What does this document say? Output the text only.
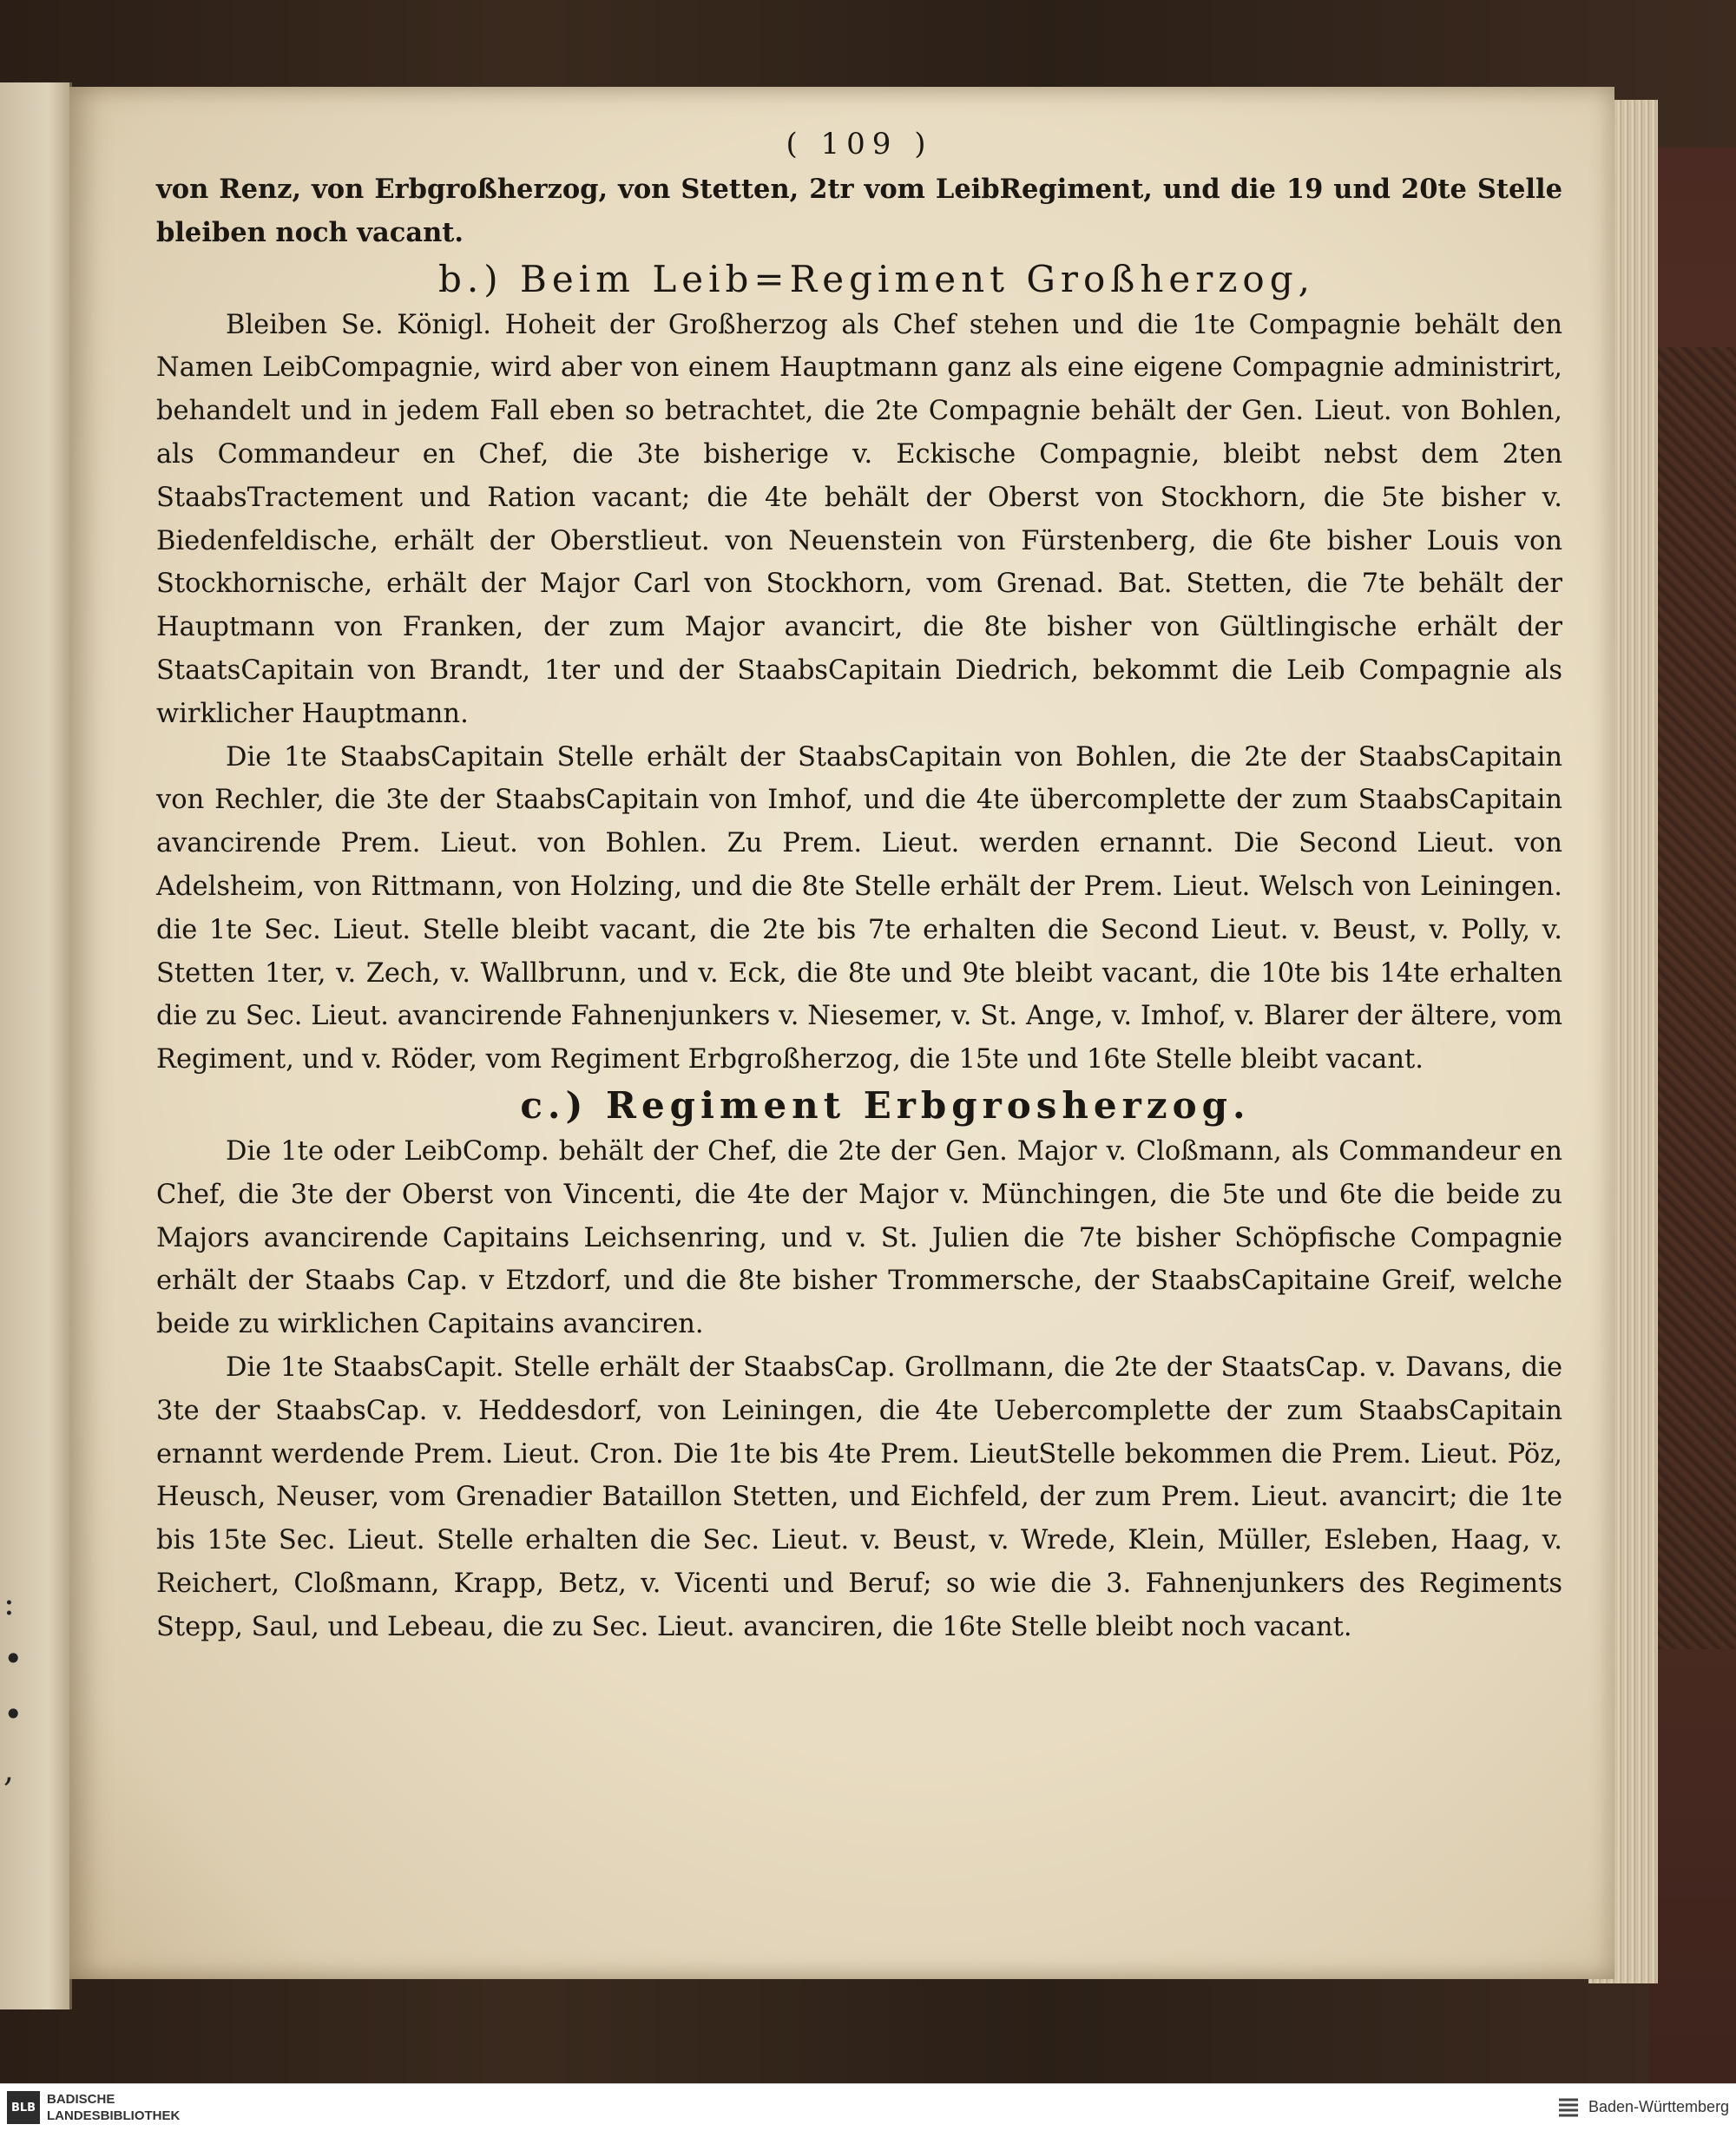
:
•
•
,

( 109 )

von Renz, von Erbgroßherzog, von Stetten, 2tr vom LeibRegiment, und die 19 und 20te Stelle bleiben noch vacant.

b.) Beim Leib=Regiment Großherzog,

Bleiben Se. Königl. Hoheit der Großherzog als Chef stehen und die 1te Compagnie behält den Namen LeibCompagnie, wird aber von einem Hauptmann ganz als eine eigene Compagnie administrirt, behandelt und in jedem Fall eben so betrachtet, die 2te Compagnie behält der Gen. Lieut. von Bohlen, als Commandeur en Chef, die 3te bisherige v. Eckische Compagnie, bleibt nebst dem 2ten StaabsTractement und Ration vacant; die 4te behält der Oberst von Stockhorn, die 5te bisher v. Biedenfeldische, erhält der Oberstlieut. von Neuenstein von Fürstenberg, die 6te bisher Louis von Stockhornische, erhält der Major Carl von Stockhorn, vom Grenad. Bat. Stetten, die 7te behält der Hauptmann von Franken, der zum Major avancirt, die 8te bisher von Gültlingische erhält der StaatsCapitain von Brandt, 1ter und der StaabsCapitain Diedrich, bekommt die Leib Compagnie als wirklicher Hauptmann.

Die 1te StaabsCapitain Stelle erhält der StaabsCapitain von Bohlen, die 2te der StaabsCapitain von Rechler, die 3te der StaabsCapitain von Imhof, und die 4te übercomplette der zum StaabsCapitain avancirende Prem. Lieut. von Bohlen. Zu Prem. Lieut. werden ernannt. Die Second Lieut. von Adelsheim, von Rittmann, von Holzing, und die 8te Stelle erhält der Prem. Lieut. Welsch von Leiningen. die 1te Sec. Lieut. Stelle bleibt vacant, die 2te bis 7te erhalten die Second Lieut. v. Beust, v. Polly, v. Stetten 1ter, v. Zech, v. Wallbrunn, und v. Eck, die 8te und 9te bleibt vacant, die 10te bis 14te erhalten die zu Sec. Lieut. avancirende Fahnenjunkers v. Niesemer, v. St. Ange, v. Imhof, v. Blarer der ältere, vom Regiment, und v. Röder, vom Regiment Erbgroßherzog, die 15te und 16te Stelle bleibt vacant.

c.) Regiment Erbgrosherzog.

Die 1te oder LeibComp. behält der Chef, die 2te der Gen. Major v. Cloßmann, als Commandeur en Chef, die 3te der Oberst von Vincenti, die 4te der Major v. Münchingen, die 5te und 6te die beide zu Majors avancirende Capitains Leichsenring, und v. St. Julien die 7te bisher Schöpfische Compagnie erhält der Staabs Cap. v Etzdorf, und die 8te bisher Trommersche, der StaabsCapitaine Greif, welche beide zu wirklichen Capitains avanciren.

Die 1te StaabsCapit. Stelle erhält der StaabsCap. Grollmann, die 2te der StaatsCap. v. Davans, die 3te der StaabsCap. v. Heddesdorf, von Leiningen, die 4te Uebercomplette der zum StaabsCapitain ernannt werdende Prem. Lieut. Cron. Die 1te bis 4te Prem. LieutStelle bekommen die Prem. Lieut. Pöz, Heusch, Neuser, vom Grenadier Bataillon Stetten, und Eichfeld, der zum Prem. Lieut. avancirt; die 1te bis 15te Sec. Lieut. Stelle erhalten die Sec. Lieut. v. Beust, v. Wrede, Klein, Müller, Esleben, Haag, v. Reichert, Cloßmann, Krapp, Betz, v. Vicenti und Beruf; so wie die 3. Fahnenjunkers des Regiments Stepp, Saul, und Lebeau, die zu Sec. Lieut. avanciren, die 16te Stelle bleibt noch vacant.

BLB
BADISCHE
LANDESBIBLIOTHEK
Baden-Württemberg
